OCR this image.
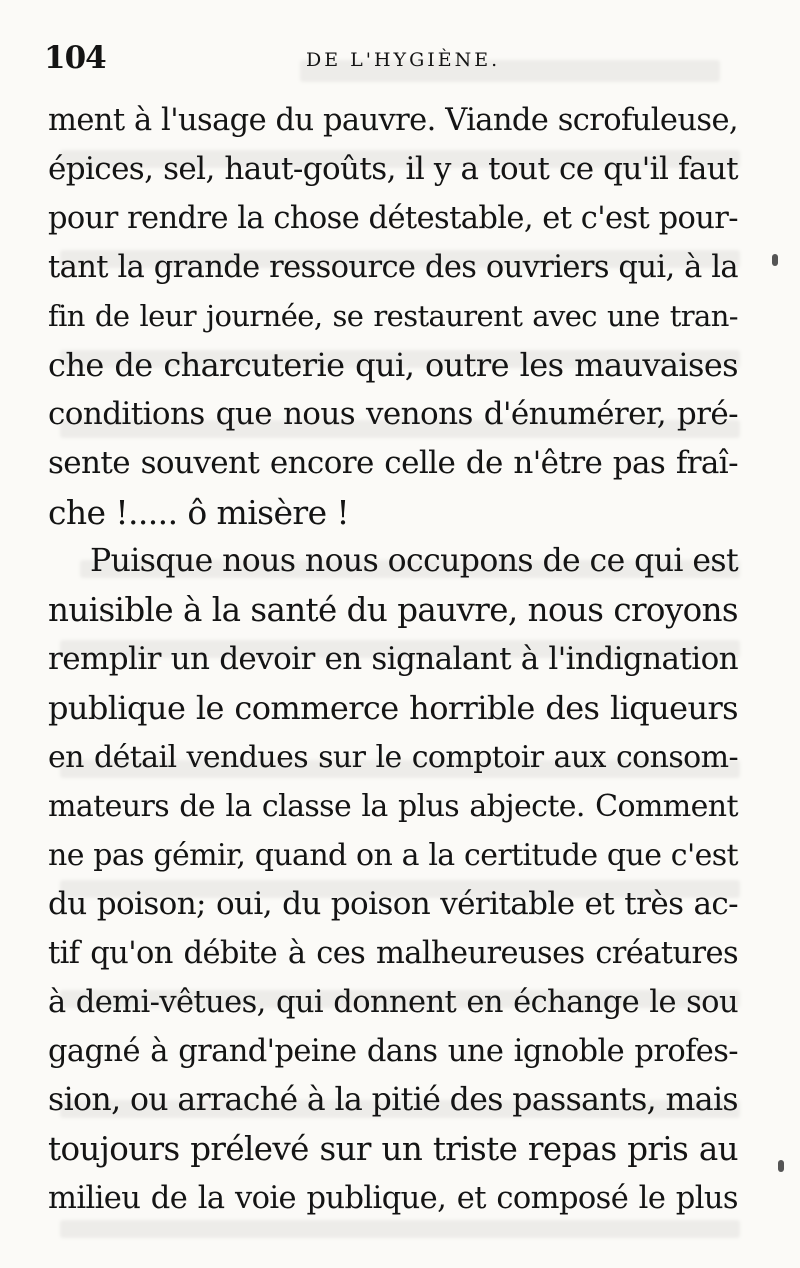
104	DE L'HYGIÈNE.
ment à l'usage du pauvre. Viande scrofuleuse,
épices, sel, haut-goûts, il y a tout ce qu'il faut
pour rendre la chose détestable, et c'est pour-
tant la grande ressource des ouvriers qui, à la
fin de leur journée, se restaurent avec une tran-
che de charcuterie qui, outre les mauvaises
conditions que nous venons d'énumérer, pré-
sente souvent encore celle de n'être pas fraî-
che !..... ô misère !
Puisque nous nous occupons de ce qui est
nuisible à la santé du pauvre, nous croyons
remplir un devoir en signalant à l'indignation
publique le commerce horrible des liqueurs
en détail vendues sur le comptoir aux consom-
mateurs de la classe la plus abjecte. Comment
ne pas gémir, quand on a la certitude que c'est
du poison; oui, du poison véritable et très ac-
tif qu'on débite à ces malheureuses créatures
à demi-vêtues, qui donnent en échange le sou
gagné à grand'peine dans une ignoble profes-
sion, ou arraché à la pitié des passants, mais
toujours prélevé sur un triste repas pris au
milieu de la voie publique, et composé le plus
